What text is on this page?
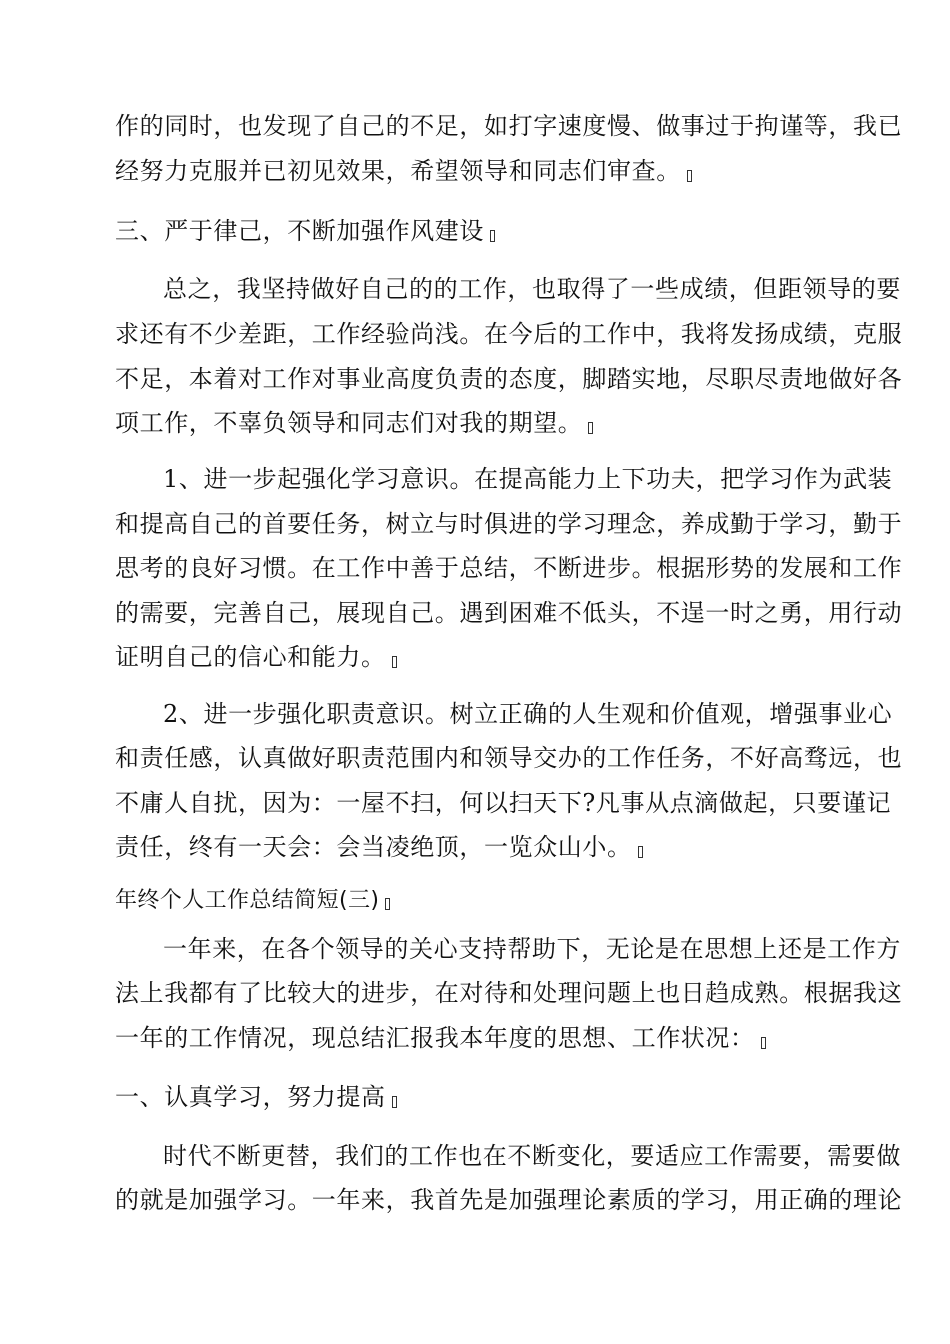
作的同时，也发现了自己的不足，如打字速度慢、做事过于拘谨等，我已
经努力克服并已初见效果，希望领导和同志们审查。
三、严于律己，不断加强作风建设
总之，我坚持做好自己的的工作，也取得了一些成绩，但距领导的要
求还有不少差距，工作经验尚浅。在今后的工作中，我将发扬成绩，克服
不足，本着对工作对事业高度负责的态度，脚踏实地，尽职尽责地做好各
项工作，不辜负领导和同志们对我的期望。
1、进一步起强化学习意识。在提高能力上下功夫，把学习作为武装
和提高自己的首要任务，树立与时俱进的学习理念，养成勤于学习，勤于
思考的良好习惯。在工作中善于总结，不断进步。根据形势的发展和工作
的需要，完善自己，展现自己。遇到困难不低头，不逞一时之勇，用行动
证明自己的信心和能力。
2、进一步强化职责意识。树立正确的人生观和价值观，增强事业心
和责任感，认真做好职责范围内和领导交办的工作任务，不好高骛远，也
不庸人自扰，因为：一屋不扫，何以扫天下?凡事从点滴做起，只要谨记
责任，终有一天会：会当凌绝顶，一览众山小。
年终个人工作总结简短(三)
一年来，在各个领导的关心支持帮助下，无论是在思想上还是工作方
法上我都有了比较大的进步，在对待和处理问题上也日趋成熟。根据我这
一年的工作情况，现总结汇报我本年度的思想、工作状况：
一、认真学习，努力提高
时代不断更替，我们的工作也在不断变化，要适应工作需要，需要做
的就是加强学习。一年来，我首先是加强理论素质的学习，用正确的理论
